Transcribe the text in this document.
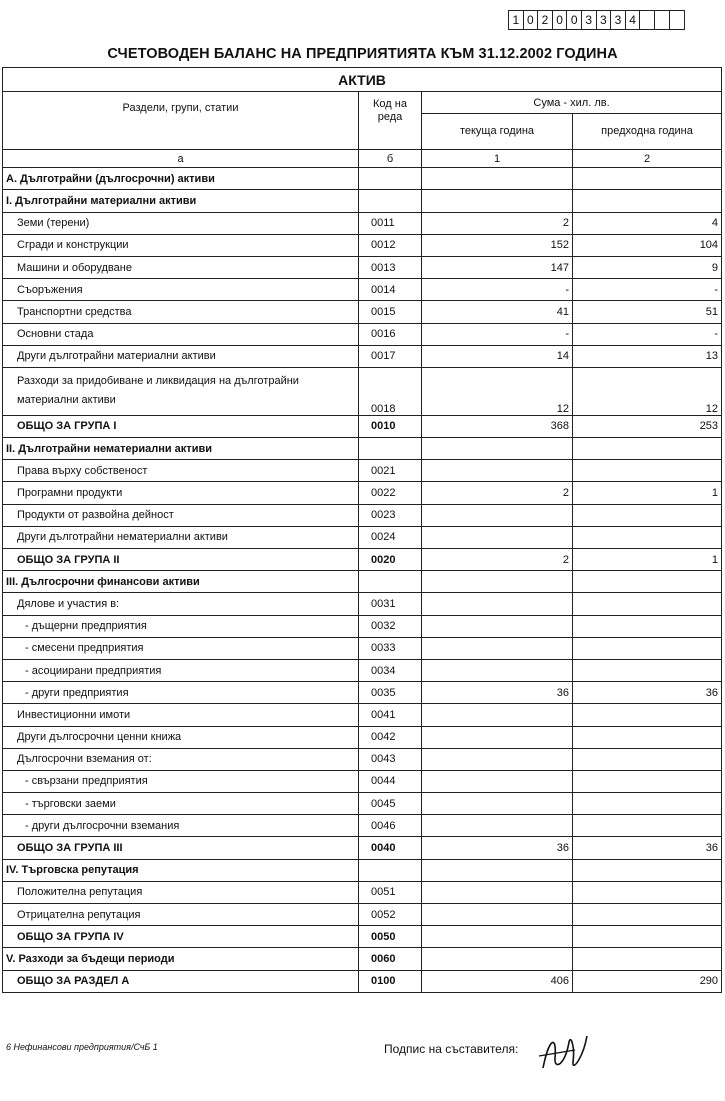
1 0 2 0 0 3 3 3 4
СЧЕТОВОДЕН БАЛАНС НА ПРЕДПРИЯТИЯТА КЪМ 31.12.2002 ГОДИНА
АКТИВ			
Раздели, групи, статии	Код на реда	Сума - хил. лв.	
		текуща година	предходна година
а	б	1	2
А. Дълготрайни (дългосрочни) активи			
I. Дълготрайни материални активи			
Земи (терени)	0011	2	4
Сгради и конструкции	0012	152	104
Машини и оборудване	0013	147	9
Съоръжения	0014	-	-
Транспортни средства	0015	41	51
Основни стада	0016	-	-
Други дълготрайни материални активи	0017	14	13

Разходи за придобиване и ликвидация на дълготрайни материални активи	0018	12	12
ОБЩО ЗА ГРУПА I	0010	368	253
II. Дълготрайни нематериални активи			
Права върху собственост	0021		
Програмни продукти	0022	2	1
Продукти от развойна дейност	0023		
Други дълготрайни нематериални активи	0024		
ОБЩО ЗА ГРУПА II	0020	2	1
III. Дългосрочни финансови активи			
Дялове и участия в:	0031		
- дъщерни предприятия	0032		
- смесени предприятия	0033		
- асоциирани предприятия	0034		
- други предприятия	0035	36	36
Инвестиционни имоти	0041		
Други дългосрочни ценни книжа	0042		
Дългосрочни вземания от:	0043		
- свързани предприятия	0044		
- търговски заеми	0045		
- други дългосрочни вземания	0046		
ОБЩО ЗА ГРУПА III	0040	36	36
IV. Търговска репутация			
Положителна репутация	0051		
Отрицателна репутация	0052		
ОБЩО ЗА ГРУПА IV	0050		
V. Разходи за бъдещи периоди	0060		
ОБЩО ЗА РАЗДЕЛ А	0100	406	290
6 Нефинансови предприятия/СчБ 1	Подпис на съставителя:
